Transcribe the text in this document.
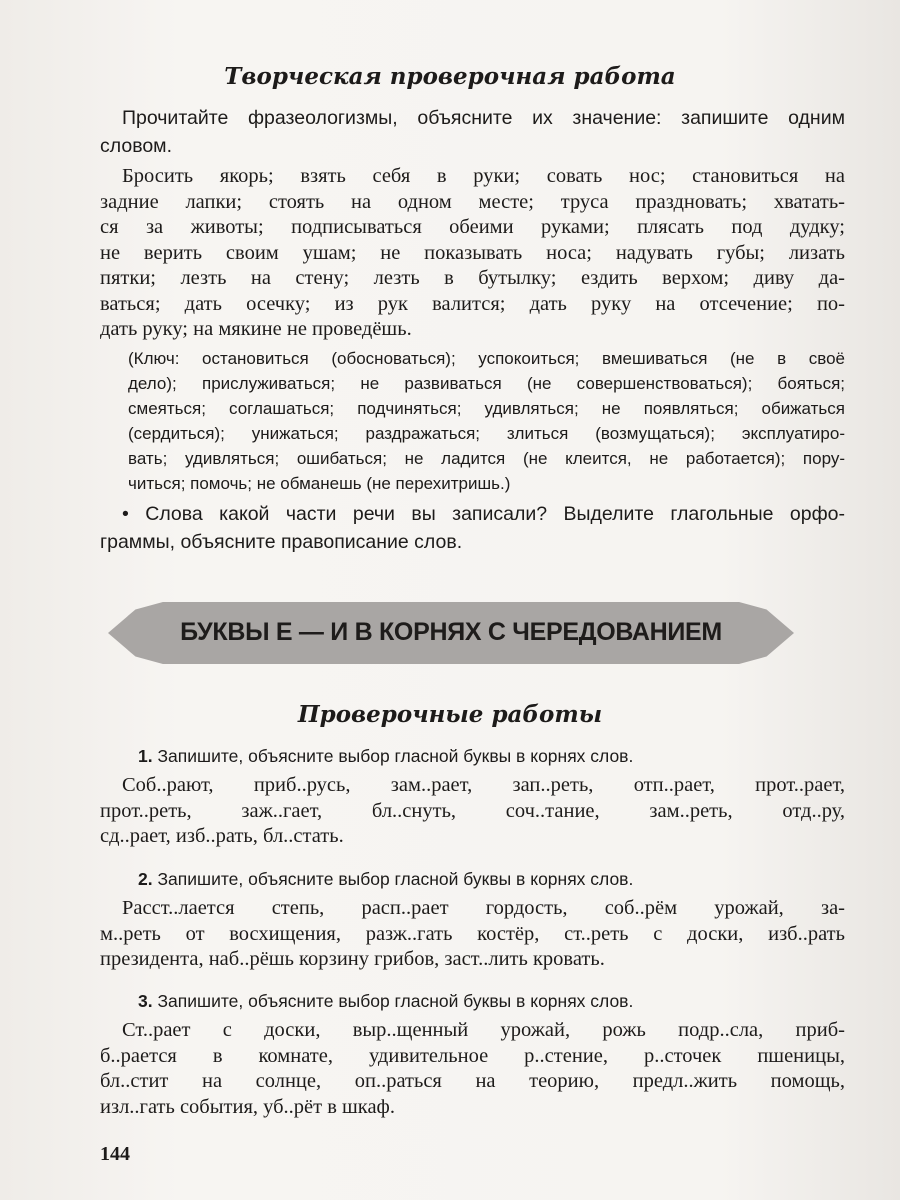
Творческая проверочная работа
Прочитайте фразеологизмы, объясните их значение: запишите одним
словом.
Бросить якорь; взять себя в руки; совать нос; становиться на
задние лапки; стоять на одном месте; труса праздновать; хватать-
ся за животы; подписываться обеими руками; плясать под дудку;
не верить своим ушам; не показывать носа; надувать губы; лизать
пятки; лезть на стену; лезть в бутылку; ездить верхом; диву да-
ваться; дать осечку; из рук валится; дать руку на отсечение; по-
дать руку; на мякине не проведёшь.
(Ключ: остановиться (обосноваться); успокоиться; вмешиваться (не в своё
дело); прислуживаться; не развиваться (не совершенствоваться); бояться;
смеяться; соглашаться; подчиняться; удивляться; не появляться; обижаться
(сердиться); унижаться; раздражаться; злиться (возмущаться); эксплуатиро-
вать; удивляться; ошибаться; не ладится (не клеится, не работается); пору-
читься; помочь; не обманешь (не перехитришь.)
• Слова какой части речи вы записали? Выделите глагольные орфо-
граммы, объясните правописание слов.
БУКВЫ Е — И В КОРНЯХ С ЧЕРЕДОВАНИЕМ
Проверочные работы
1. Запишите, объясните выбор гласной буквы в корнях слов.
Соб..рают, приб..русь, зам..рает, зап..реть, отп..рает, прот..рает,
прот..реть, заж..гает, бл..снуть, соч..тание, зам..реть, отд..ру,
сд..рает, изб..рать, бл..стать.
2. Запишите, объясните выбор гласной буквы в корнях слов.
Расст..лается степь, расп..рает гордость, соб..рём урожай, за-
м..реть от восхищения, разж..гать костёр, ст..реть с доски, изб..рать
президента, наб..рёшь корзину грибов, заст..лить кровать.
3. Запишите, объясните выбор гласной буквы в корнях слов.
Ст..рает с доски, выр..щенный урожай, рожь подр..сла, приб-
б..рается в комнате, удивительное р..стение, р..сточек пшеницы,
бл..стит на солнце, оп..раться на теорию, предл..жить помощь,
изл..гать события, уб..рёт в шкаф.
144
